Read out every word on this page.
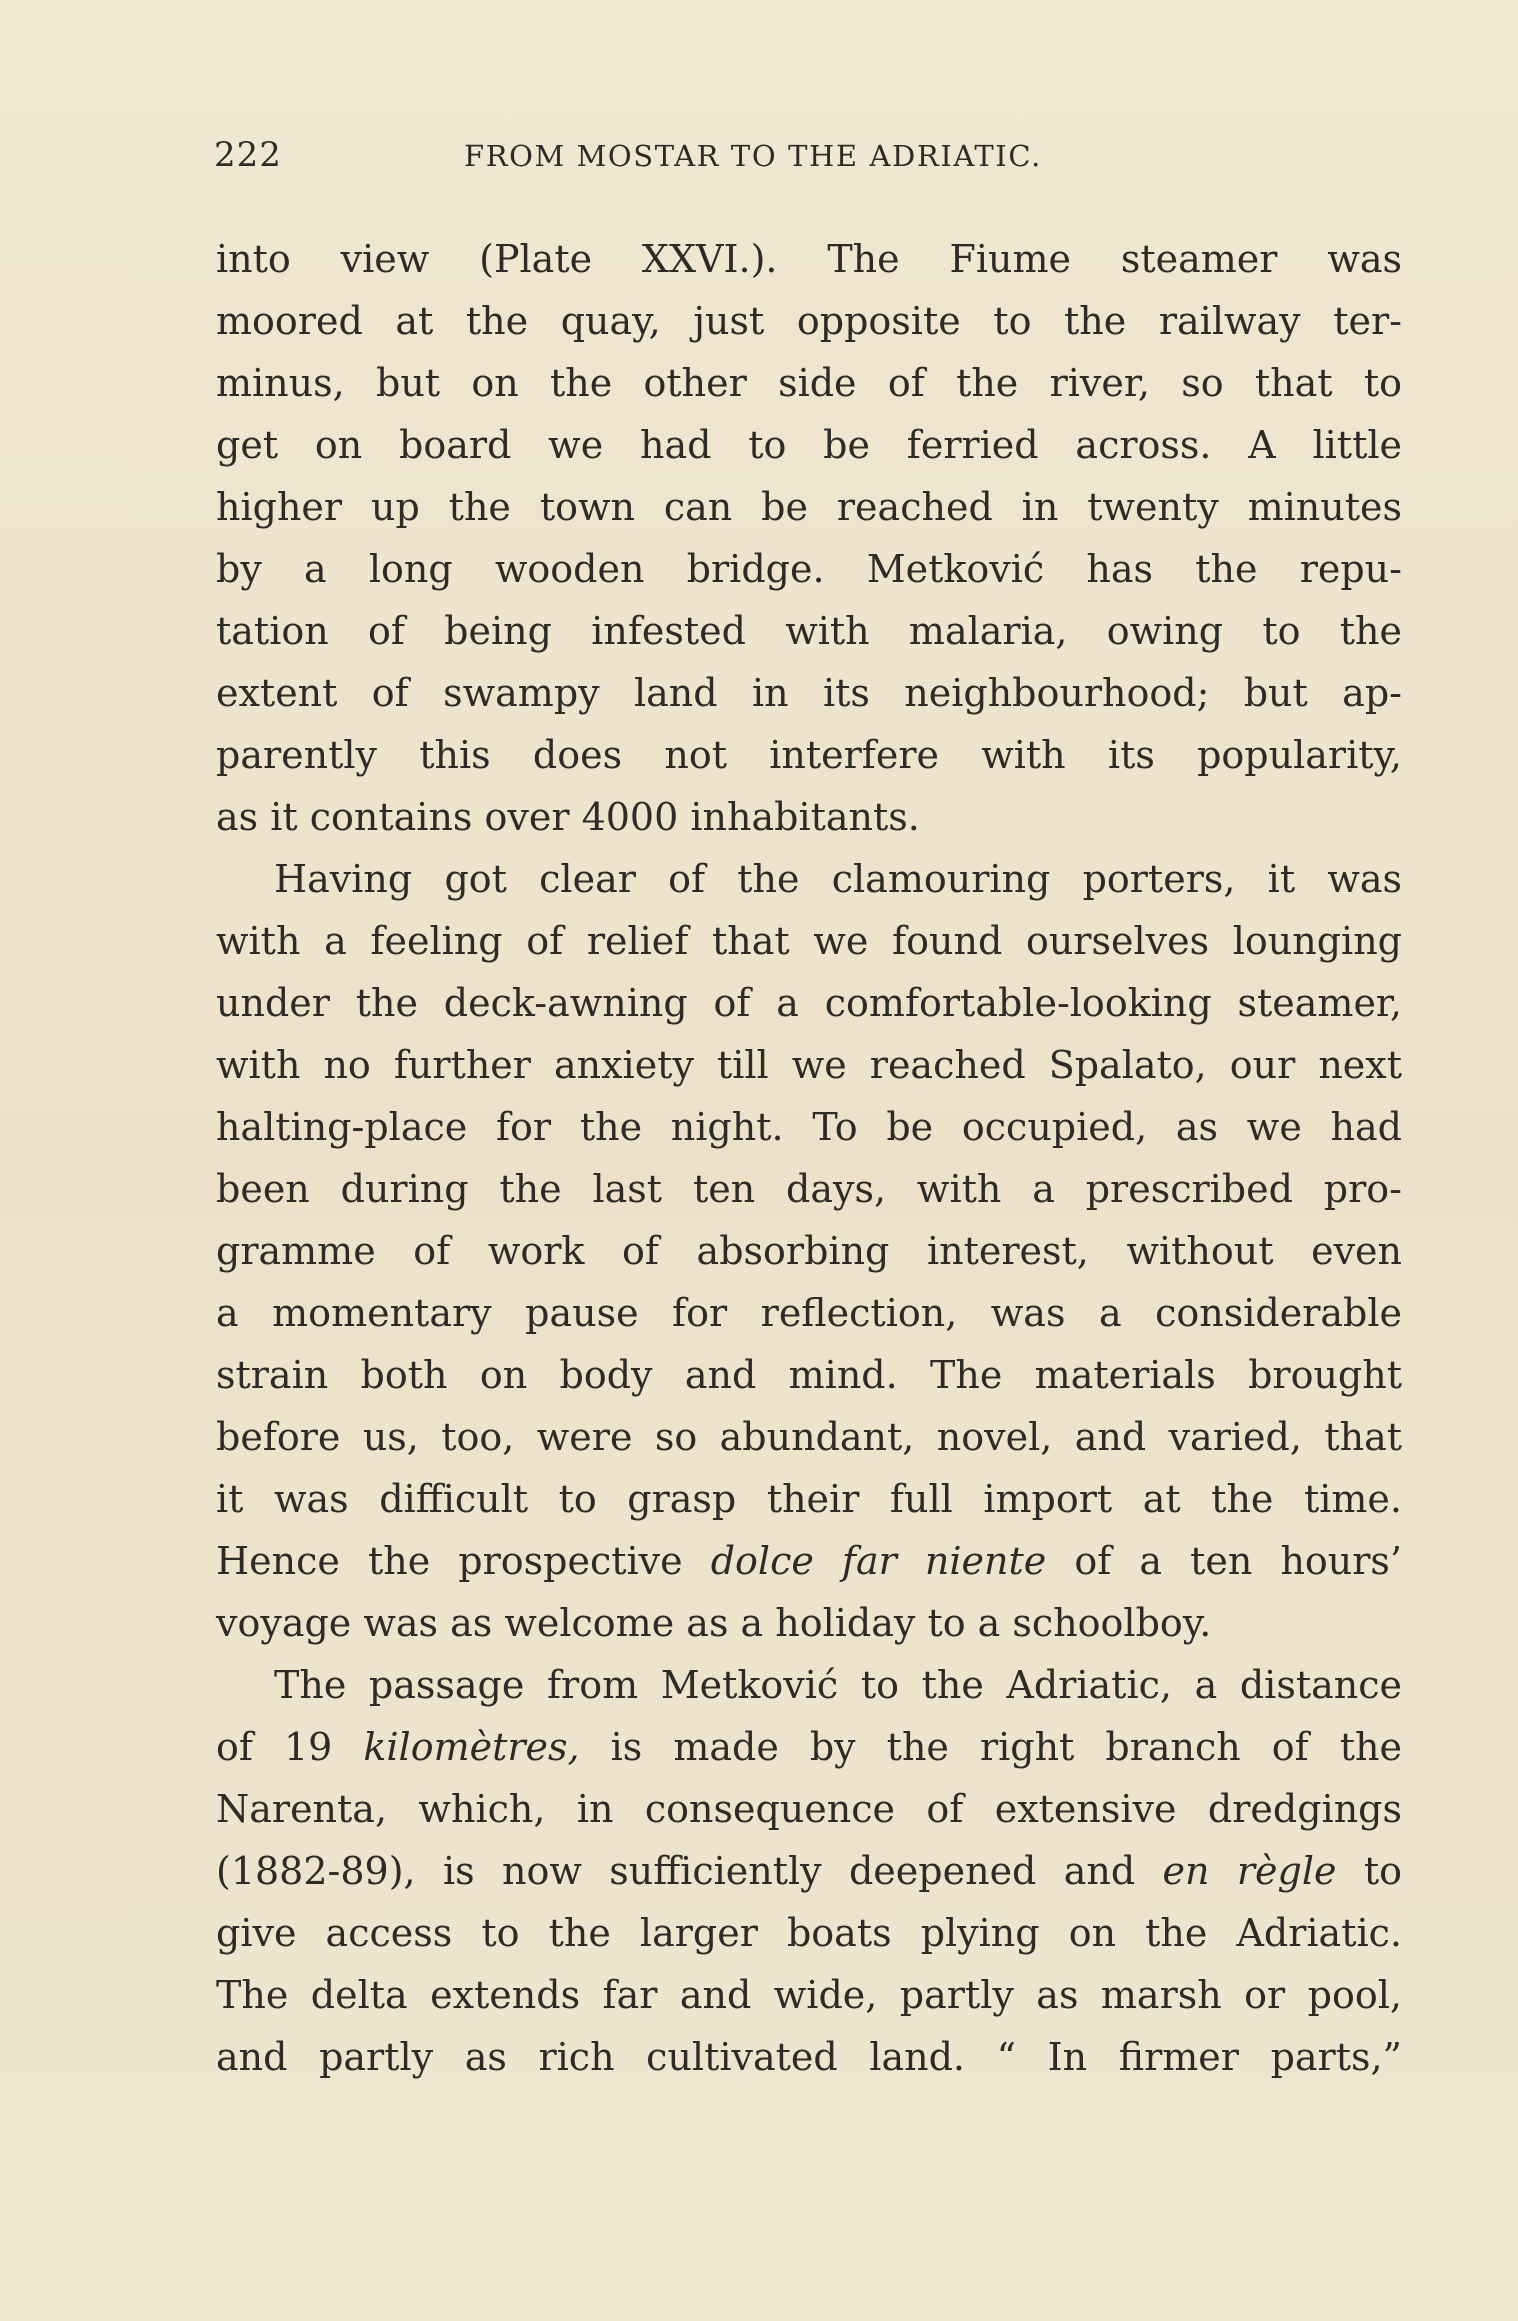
222	FROM MOSTAR TO THE ADRIATIC.
into view (Plate XXVI.). The Fiume steamer was
moored at the quay, just opposite to the railway ter-
minus, but on the other side of the river, so that to
get on board we had to be ferried across. A little
higher up the town can be reached in twenty minutes
by a long wooden bridge. Metković has the repu-
tation of being infested with malaria, owing to the
extent of swampy land in its neighbourhood; but ap-
parently this does not interfere with its popularity,
as it contains over 4000 inhabitants.
Having got clear of the clamouring porters, it was
with a feeling of relief that we found ourselves lounging
under the deck-awning of a comfortable-looking steamer,
with no further anxiety till we reached Spalato, our next
halting-place for the night. To be occupied, as we had
been during the last ten days, with a prescribed pro-
gramme of work of absorbing interest, without even
a momentary pause for reflection, was a considerable
strain both on body and mind. The materials brought
before us, too, were so abundant, novel, and varied, that
it was difficult to grasp their full import at the time.
Hence the prospective dolce far niente of a ten hours’
voyage was as welcome as a holiday to a schoolboy.
The passage from Metković to the Adriatic, a distance
of 19 kilomètres, is made by the right branch of the
Narenta, which, in consequence of extensive dredgings
(1882-89), is now sufficiently deepened and en règle to
give access to the larger boats plying on the Adriatic.
The delta extends far and wide, partly as marsh or pool,
and partly as rich cultivated land. “ In firmer parts,”
